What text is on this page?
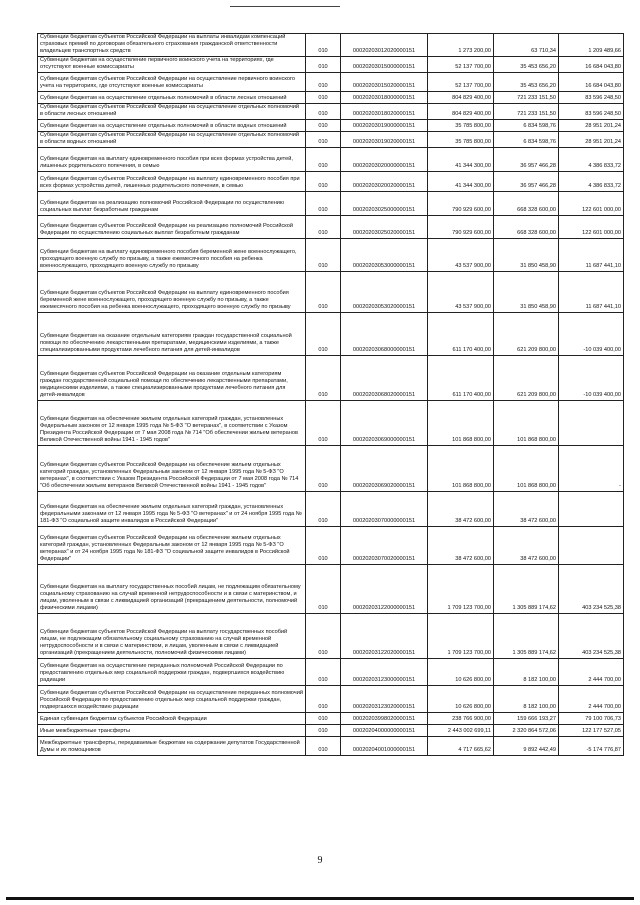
Субвенции бюджетам субъектов Российской Федерации на выплаты инвалидам компенсаций страховых премий по договорам обязательного страхования гражданской ответственности владельцев транспортных средств	010	00020203012020000151	1 273 200,00	63 710,34	1 209 489,66
Субвенции бюджетам на осуществление первичного воинского учета на территориях, где отсутствуют военные комиссариаты	010	00020203015000000151	52 137 700,00	35 453 656,20	16 684 043,80
Субвенции бюджетам субъектов Российской Федерации на осуществление первичного воинского учета на территориях, где отсутствуют военные комиссариаты	010	00020203015020000151	52 137 700,00	35 453 656,20	16 684 043,80
Субвенции бюджетам на осуществление отдельных полномочий в области лесных отношений	010	00020203018000000151	804 829 400,00	721 233 151,50	83 596 248,50
Субвенции бюджетам субъектов Российской Федерации на осуществление отдельных полномочий в области лесных отношений	010	00020203018020000151	804 829 400,00	721 233 151,50	83 596 248,50
Субвенции бюджетам на осуществление отдельных полномочий в области водных отношений	010	00020203019000000151	35 785 800,00	6 834 598,76	28 951 201,24
Субвенции бюджетам субъектов Российской Федерации на осуществление отдельных полномочий в области водных отношений	010	00020203019020000151	35 785 800,00	6 834 598,76	28 951 201,24
Субвенции бюджетам на выплату единовременного пособия при всех формах устройства детей, лишенных родительского попечения, в семью	010	00020203020000000151	41 344 300,00	36 957 466,28	4 386 833,72
Субвенции бюджетам субъектов Российской Федерации на выплату единовременного пособия при всех формах устройства детей, лишенных родительского попечения, в семью	010	00020203020020000151	41 344 300,00	36 957 466,28	4 386 833,72
Субвенции бюджетам на реализацию полномочий Российской Федерации по осуществлению социальных выплат безработным гражданам	010	00020203025000000151	790 929 600,00	668 328 600,00	122 601 000,00
Субвенции бюджетам субъектов Российской Федерации на реализацию полномочий Российской Федерации по осуществлению социальных выплат безработным гражданам	010	00020203025020000151	790 929 600,00	668 328 600,00	122 601 000,00
Субвенции бюджетам на выплату единовременного пособия беременной жене военнослужащего, проходящего военную службу по призыву, а также ежемесячного пособия на ребенка военнослужащего, проходящего военную службу по призыву	010	00020203053000000151	43 537 900,00	31 850 458,90	11 687 441,10
Субвенции бюджетам субъектов Российской Федерации на выплату единовременного пособия беременной жене военнослужащего, проходящего военную службу по призыву, а также ежемесячного пособия на ребенка военнослужащего, проходящего военную службу по призыву	010	00020203053020000151	43 537 900,00	31 850 458,90	11 687 441,10
Субвенции бюджетам на оказание отдельным категориям граждан государственной социальной помощи по обеспечению лекарственными препаратами, медицинскими изделиями, а также специализированными продуктами лечебного питания для детей-инвалидов	010	00020203068000000151	611 170 400,00	621 209 800,00	-10 039 400,00
Субвенции бюджетам субъектов Российской Федерации на оказание отдельным категориям граждан государственной социальной помощи по обеспечению лекарственными препаратами, медицинскими изделиями, а также специализированными продуктами лечебного питания для детей-инвалидов	010	00020203068020000151	611 170 400,00	621 209 800,00	-10 039 400,00
Субвенции бюджетам на обеспечение жильем отдельных категорий граждан, установленных Федеральным законом от 12 января 1995 года № 5-ФЗ "О ветеранах", в соответствии с Указом Президента Российской Федерации от 7 мая 2008 года № 714 "Об обеспечении жильем ветеранов Великой Отечественной войны 1941 - 1945 годов"	010	00020203069000000151	101 868 800,00	101 868 800,00	
Субвенции бюджетам субъектов Российской Федерации на обеспечение жильем отдельных категорий граждан, установленных Федеральным законом от 12 января 1995 года № 5-ФЗ "О ветеранах", в соответствии с Указом Президента Российской Федерации от 7 мая 2008 года № 714 "Об обеспечении жильем ветеранов Великой Отечественной войны 1941 - 1945 годов"	010	00020203069020000151	101 868 800,00	101 868 800,00	-
Субвенции бюджетам на обеспечение жильем отдельных категорий граждан, установленных федеральными законами от 12 января 1995 года № 5-ФЗ "О ветеранах" и от 24 ноября 1995 года № 181-ФЗ "О социальной защите инвалидов в Российской Федерации"	010	00020203070000000151	38 472 600,00	38 472 600,00	
Субвенции бюджетам субъектов Российской Федерации на обеспечение жильем отдельных категорий граждан, установленных Федеральным законом от 12 января 1995 года № 5-ФЗ "О ветеранах" и от 24 ноября 1995 года № 181-ФЗ "О социальной защите инвалидов в Российской Федерации"	010	00020203070020000151	38 472 600,00	38 472 600,00	
Субвенции бюджетам на выплату государственных пособий лицам, не подлежащим обязательному социальному страхованию на случай временной нетрудоспособности и в связи с материнством, и лицам, уволенным в связи с ликвидацией организаций (прекращением деятельности, полномочий физическими лицами)	010	00020203122000000151	1 709 123 700,00	1 305 889 174,62	403 234 525,38
Субвенции бюджетам субъектов Российской Федерации на выплату государственных пособий лицам, не подлежащим обязательному социальному страхованию на случай временной нетрудоспособности и в связи с материнством, и лицам, уволенным в связи с ликвидацией организаций (прекращением деятельности, полномочий физическими лицами)	010	00020203122020000151	1 709 123 700,00	1 305 889 174,62	403 234 525,38
Субвенции бюджетам на осуществление переданных полномочий Российской Федерации по предоставлению отдельных мер социальной поддержки граждан, подвергшихся воздействию радиации	010	00020203123000000151	10 626 800,00	8 182 100,00	2 444 700,00
Субвенции бюджетам субъектов Российской Федерации на осуществление переданных полномочий Российской Федерации по предоставлению отдельных мер социальной поддержки граждан, подвергшихся воздействию радиации	010	00020203123020000151	10 626 800,00	8 182 100,00	2 444 700,00
Единая субвенция бюджетам субъектов Российской Федерации	010	00020203998020000151	238 766 900,00	159 666 193,27	79 100 706,73
Иные межбюджетные трансферты	010	00020204000000000151	2 443 002 699,11	2 320 864 572,06	122 177 527,05
Межбюджетные трансферты, передаваемые бюджетам на содержание депутатов Государственной Думы и их помощников	010	00020204001000000151	4 717 665,62	9 892 442,49	-5 174 776,87
9
